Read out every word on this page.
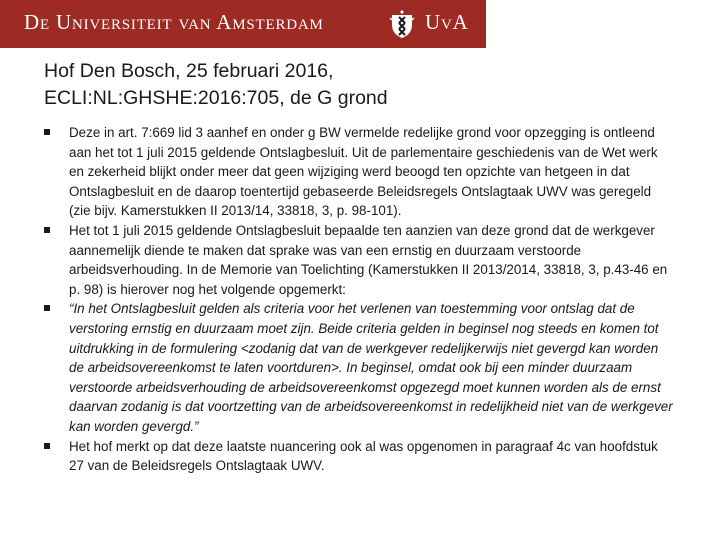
De Universiteit van Amsterdam	UvA
Hof Den Bosch, 25 februari 2016,
ECLI:NL:GHSHE:2016:705, de G grond
Deze in art. 7:669 lid 3 aanhef en onder g BW vermelde redelijke grond voor opzegging is ontleend aan het tot 1 juli 2015 geldende Ontslagbesluit. Uit de parlementaire geschiedenis van de Wet werk en zekerheid blijkt onder meer dat geen wijziging werd beoogd ten opzichte van hetgeen in dat Ontslagbesluit en de daarop toentertijd gebaseerde Beleidsregels Ontslagtaak UWV was geregeld (zie bijv. Kamerstukken II 2013/14, 33818, 3, p. 98-101).
Het tot 1 juli 2015 geldende Ontslagbesluit bepaalde ten aanzien van deze grond dat de werkgever aannemelijk diende te maken dat sprake was van een ernstig en duurzaam verstoorde arbeidsverhouding. In de Memorie van Toelichting (Kamerstukken II 2013/2014, 33818, 3, p.43-46 en p. 98) is hierover nog het volgende opgemerkt:
“In het Ontslagbesluit gelden als criteria voor het verlenen van toestemming voor ontslag dat de verstoring ernstig en duurzaam moet zijn. Beide criteria gelden in beginsel nog steeds en komen tot uitdrukking in de formulering <zodanig dat van de werkgever redelijkerwijs niet gevergd kan worden de arbeidsovereenkomst te laten voortduren>. In beginsel, omdat ook bij een minder duurzaam verstoorde arbeidsverhouding de arbeidsovereenkomst opgezegd moet kunnen worden als de ernst daarvan zodanig is dat voortzetting van de arbeidsovereenkomst in redelijkheid niet van de werkgever kan worden gevergd.”
Het hof merkt op dat deze laatste nuancering ook al was opgenomen in paragraaf 4c van hoofdstuk 27 van de Beleidsregels Ontslagtaak UWV.
